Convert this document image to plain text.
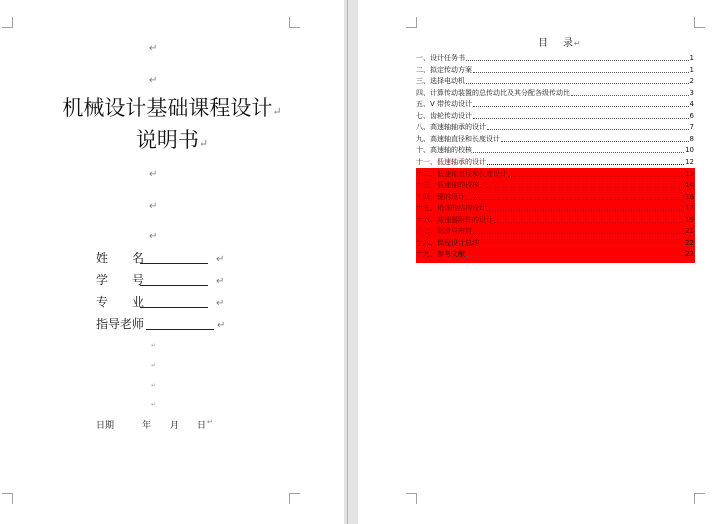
↵
↵
机械设计基础课程设计↵
说明书↵
↵
↵
↵
姓　　名	↵
学　　号	↵
专　　业	↵
指导老师	↵
↵
↵
↵
↵
日期	年 月 日 ↵
目 录↵
一、设计任务书	1
二、拟定传动方案	1
三、选择电动机	2
四、计算传动装置的总传动比及其分配各级传动比	3
五、V 带传动设计	4
七、齿轮传动设计	6
八、高速轴轴承的设计	7
九、高速轴直径和长度设计	8
十、高速轴的校核	10
十一、低速轴承的设计	12
十二、低速轴直径和长度设计	13
十三、低速轴的校核	14
十四、键的设计	16
十五、箱体的结构设计	17
十六、减速器附件的设计	19
十七、润滑与密封	21
十八、课程设计总结	22
十九、参考文献	22
